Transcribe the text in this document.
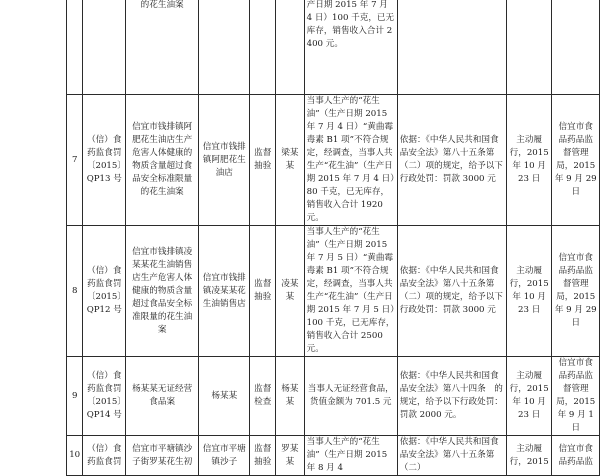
		的花生油案				产日期 2015 年 7 月 4 日）100 千克，已无库存，销售收入合计 2400 元。			
7	（信）食药监食罚〔2015〕QP13 号	信宜市钱排镇阿肥花生油店生产危害人体健康的物质含量超过食品安全标准限量的花生油案	信宜市钱排镇阿肥花生油店	监督抽验	梁某某	当事人生产的“花生油”（生产日期 2015 年 7 月 4 日）“黄曲霉毒素 B1 项”不符合规定，经调查，当事人共生产“花生油”（生产日期 2015 年 7 月 4 日）80 千克，已无库存，销售收入合计 1920 元。	依据：《中华人民共和国食品安全法》第八十五条第（二）项的规定，给予以下行政处罚：罚款 3000 元	主动履行，2015 年 10 月 23 日	信宜市食品药品监督管理局，2015 年 9 月 29 日
8	（信）食药监食罚〔2015〕QP12 号	信宜市钱排镇凌某某花生油销售店生产危害人体健康的物质含量超过食品安全标准限量的花生油案	信宜市钱排镇凌某某花生油销售店	监督抽验	凌某某	当事人生产的“花生油”（生产日期 2015 年 7 月 5 日）“黄曲霉毒素 B1 项”不符合规定，经调查，当事人共生产“花生油”（生产日期 2015 年 7 月 5 日）100 千克，已无库存，销售收入合计 2500 元。	依据：《中华人民共和国食品安全法》第八十五条第（二）项的规定，给予以下行政处罚：罚款 3000 元	主动履行，2015 年 10 月 23 日	信宜市食品药品监督管理局，2015 年 9 月 29 日
9	（信）食药监食罚〔2015〕QP14 号	杨某某无证经营食品案	杨某某	监督检查	杨某某	当事人无证经营食品，货值金额为 701.5 元	依据：《中华人民共和国食品安全法》第八十四条　的规定，给予以下行政处罚：罚款 2000 元。	主动履行，2015 年 10 月 23 日	信宜市食品药品监督管理局，2015 年 9 月 1 日
10	（信）食药监食罚	信宜市平塘镇沙子街罗某花生初	信宜市平塘镇沙子	监督抽验	罗某某	当事人生产的“花生油”（生产日期 2015 年 8 月 4	依据：《中华人民共和国食品安全法》第八十五条第（二）	主动履行，2015	信宜市食品药品监
